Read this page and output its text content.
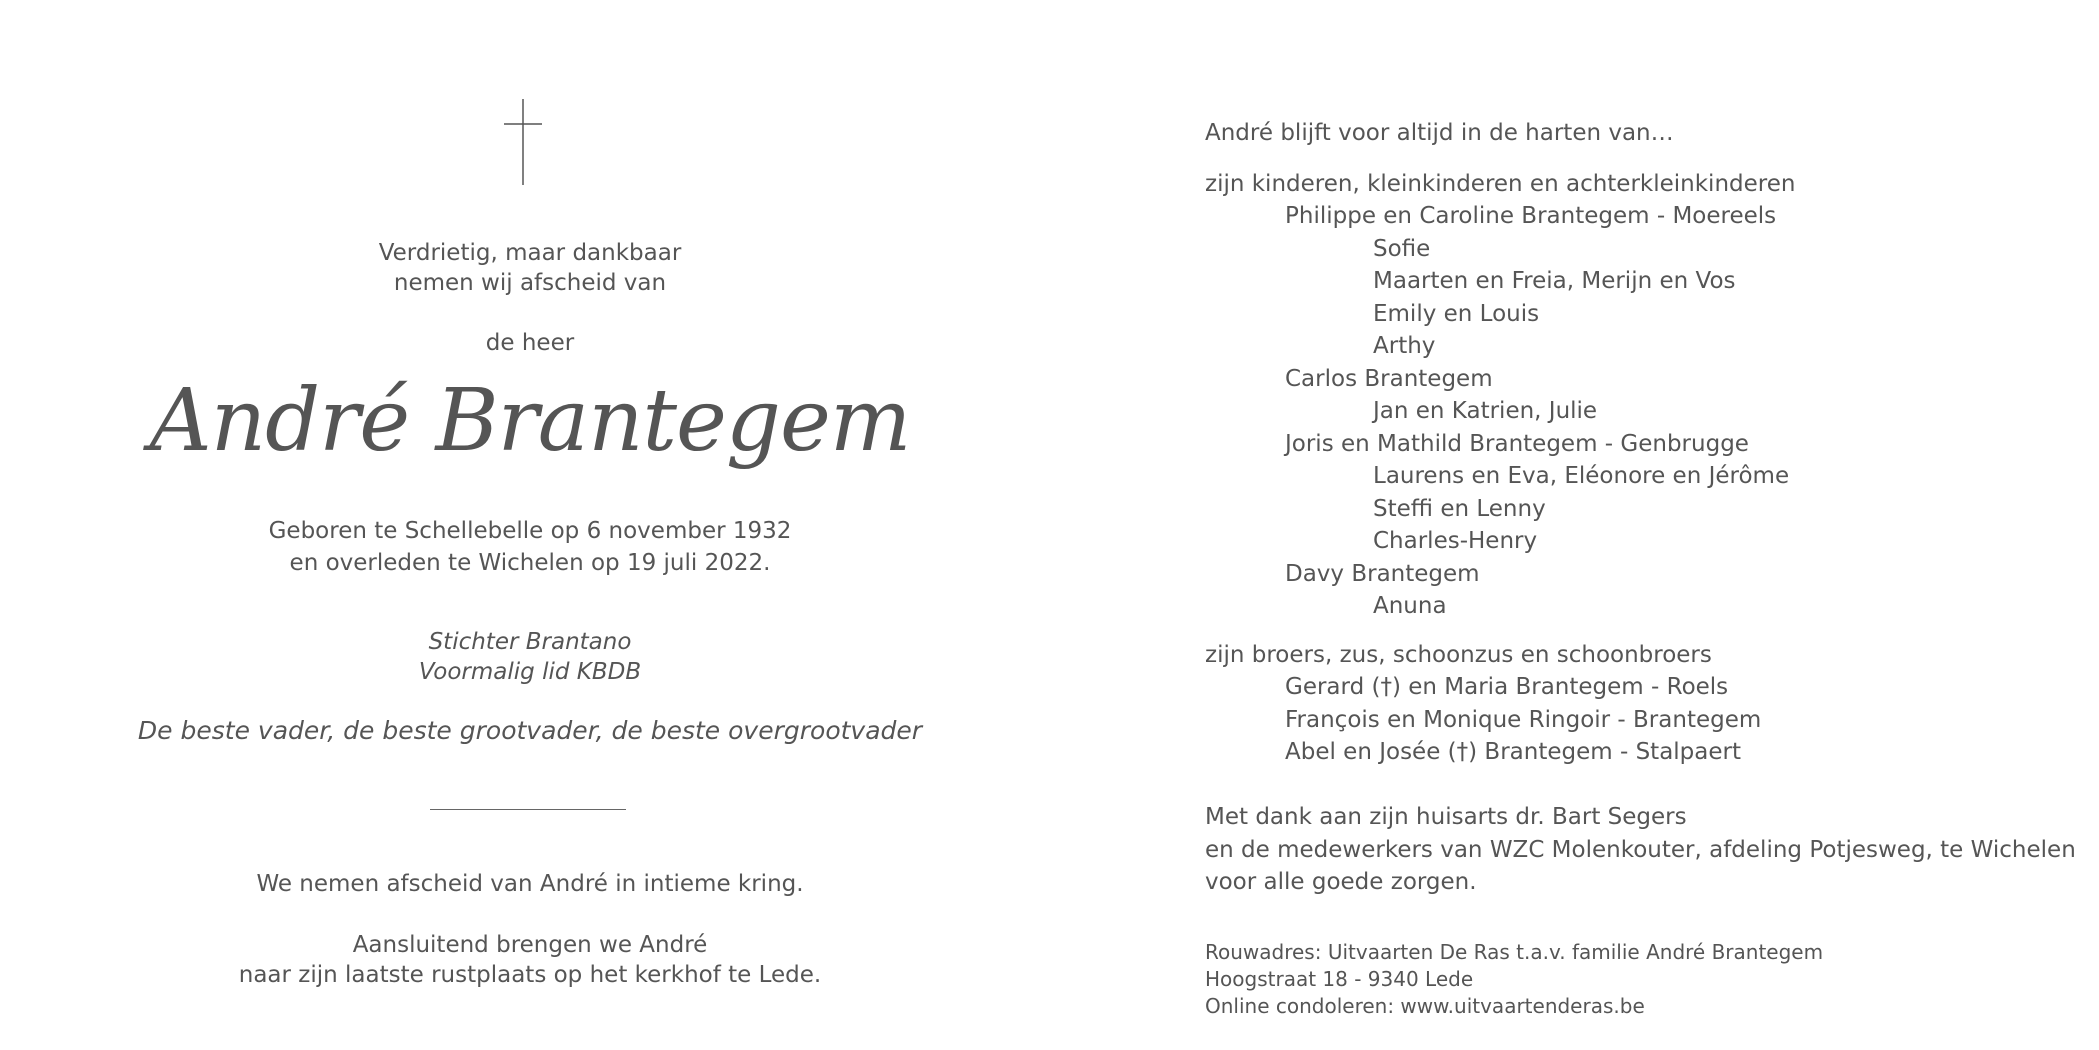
Verdrietig, maar dankbaar
nemen wij afscheid van
de heer
André Brantegem
Geboren te Schellebelle op 6 november 1932
en overleden te Wichelen op 19 juli 2022.
Stichter Brantano
Voormalig lid KBDB
De beste vader, de beste grootvader, de beste overgrootvader
We nemen afscheid van André in intieme kring.
Aansluitend brengen we André
naar zijn laatste rustplaats op het kerkhof te Lede.
André blijft voor altijd in de harten van…
zijn kinderen, kleinkinderen en achterkleinkinderen
Philippe en Caroline Brantegem - Moereels
Sofie
Maarten en Freia, Merijn en Vos
Emily en Louis
Arthy
Carlos Brantegem
Jan en Katrien, Julie
Joris en Mathild Brantegem - Genbrugge
Laurens en Eva, Eléonore en Jérôme
Steffi en Lenny
Charles-Henry
Davy Brantegem
Anuna
zijn broers, zus, schoonzus en schoonbroers
Gerard (†) en Maria Brantegem - Roels
François en Monique Ringoir - Brantegem
Abel en Josée (†) Brantegem - Stalpaert
Met dank aan zijn huisarts dr. Bart Segers
en de medewerkers van WZC Molenkouter, afdeling Potjesweg, te Wichelen
voor alle goede zorgen.
Rouwadres: Uitvaarten De Ras t.a.v. familie André Brantegem
Hoogstraat 18 - 9340 Lede
Online condoleren: www.uitvaartenderas.be
